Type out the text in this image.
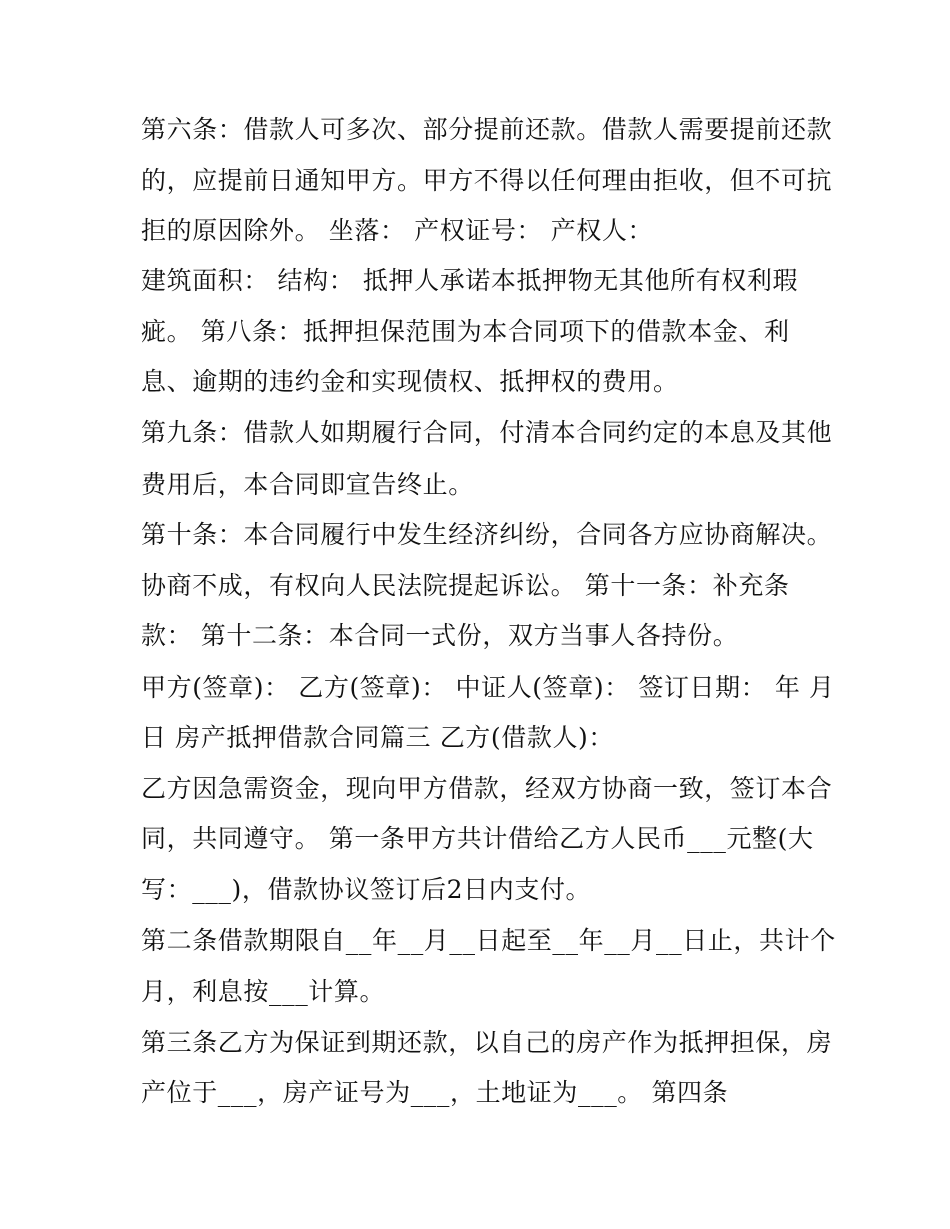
第六条：借款人可多次、部分提前还款。借款人需要提前还款
的，应提前日通知甲方。甲方不得以任何理由拒收，但不可抗
拒的原因除外。 坐落： 产权证号： 产权人：
建筑面积： 结构： 抵押人承诺本抵押物无其他所有权利瑕
疵。 第八条：抵押担保范围为本合同项下的借款本金、利
息、逾期的违约金和实现债权、抵押权的费用。
第九条：借款人如期履行合同，付清本合同约定的本息及其他
费用后，本合同即宣告终止。
第十条：本合同履行中发生经济纠纷，合同各方应协商解决。
协商不成，有权向人民法院提起诉讼。 第十一条：补充条
款： 第十二条：本合同一式份，双方当事人各持份。
甲方(签章)： 乙方(签章)： 中证人(签章)： 签订日期： 年 月
日 房产抵押借款合同篇三 乙方(借款人)：
乙方因急需资金，现向甲方借款，经双方协商一致，签订本合
同，共同遵守。 第一条甲方共计借给乙方人民币___元整(大
写：___)，借款协议签订后2日内支付。
第二条借款期限自__年__月__日起至__年__月__日止，共计个
月，利息按___计算。
第三条乙方为保证到期还款，以自己的房产作为抵押担保，房
产位于___，房产证号为___，土地证为___。 第四条
